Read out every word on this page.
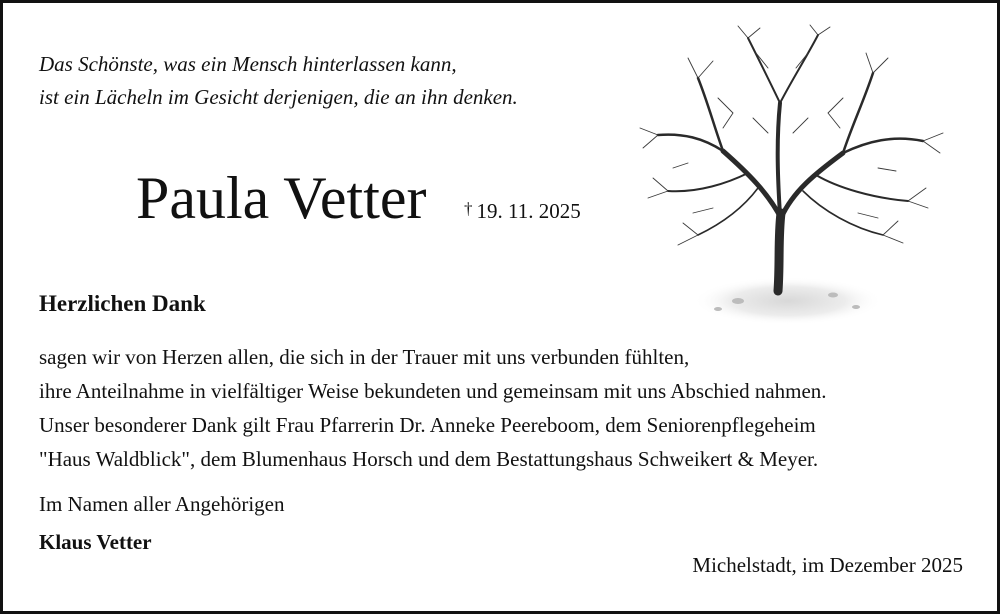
Das Schönste, was ein Mensch hinterlassen kann,
ist ein Lächeln im Gesicht derjenigen, die an ihn denken.
Paula Vetter † 19. 11. 2025
Herzlichen Dank
sagen wir von Herzen allen, die sich in der Trauer mit uns verbunden fühlten,
ihre Anteilnahme in vielfältiger Weise bekundeten und gemeinsam mit uns Abschied nahmen.
Unser besonderer Dank gilt Frau Pfarrerin Dr. Anneke Peereboom, dem Seniorenpflegeheim
"Haus Waldblick", dem Blumenhaus Horsch und dem Bestattungshaus Schweikert & Meyer.
Im Namen aller Angehörigen
Klaus Vetter
Michelstadt, im Dezember 2025
